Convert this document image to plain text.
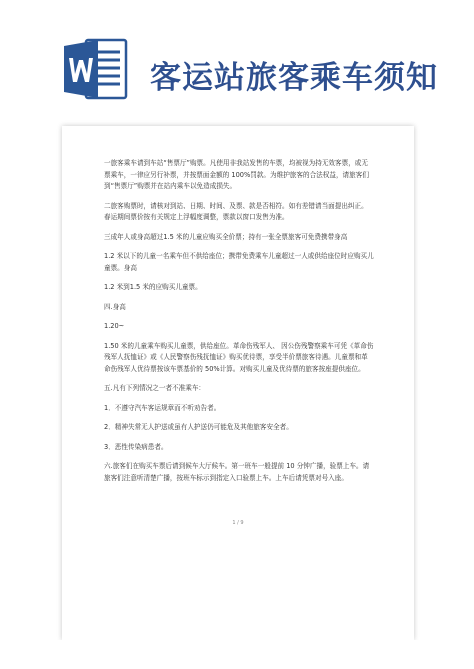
客运站旅客乘车须知

一旅客乘车请到车站“售票厅”购票。凡使用非我站发售的车票，均被视为持无效客票，或无票乘车，一律应另行补票，并按票面金额的 100%罚款。为维护旅客的合法权益，请旅客们到“售票厅”购票并在站内乘车以免造成损失。

二旅客购票时，请核对到站、日期、时间、及票、款是否相符。如有差错请当面提出纠正。春运期间票价按有关规定上浮幅度调整，票款以窗口发售为准。

三成年人或身高超过1.5 米的儿童应购买全价票；持有一张全票旅客可免费携带身高

1.2 米以下的儿童一名乘车但不供给座位；携带免费乘车儿童超过一人或供给座位时应购买儿童票。身高

1.2 米到1.5 米的应购买儿童票。

四.身高

1.20~

1.50 米的儿童乘车购买儿童票，供给座位。革命伤残军人、 因公伤残警察乘车可凭《革命伤残军人抚恤证》或《人民警察伤残抚恤证》购买优待票，享受半价票旅客待遇。儿童票和革命伤残军人优待票按该车票基价的 50%计算。对购买儿童及优待票的旅客按座提供座位。

五.凡有下列情况之一者不准乘车：

1．不遵守汽车客运规章而不听劝告者。

2．精神失常无人护送或虽有人护送仍可能危及其他旅客安全者。

3．恶性传染病患者。

六.旅客们在购买车票后请到候车大厅候车。第一班车一般提前 10 分钟广播，验票上车。请旅客们注意听清楚广播，按班车标示到指定入口验票上车。上车后请凭票对号入座。

1 / 9
